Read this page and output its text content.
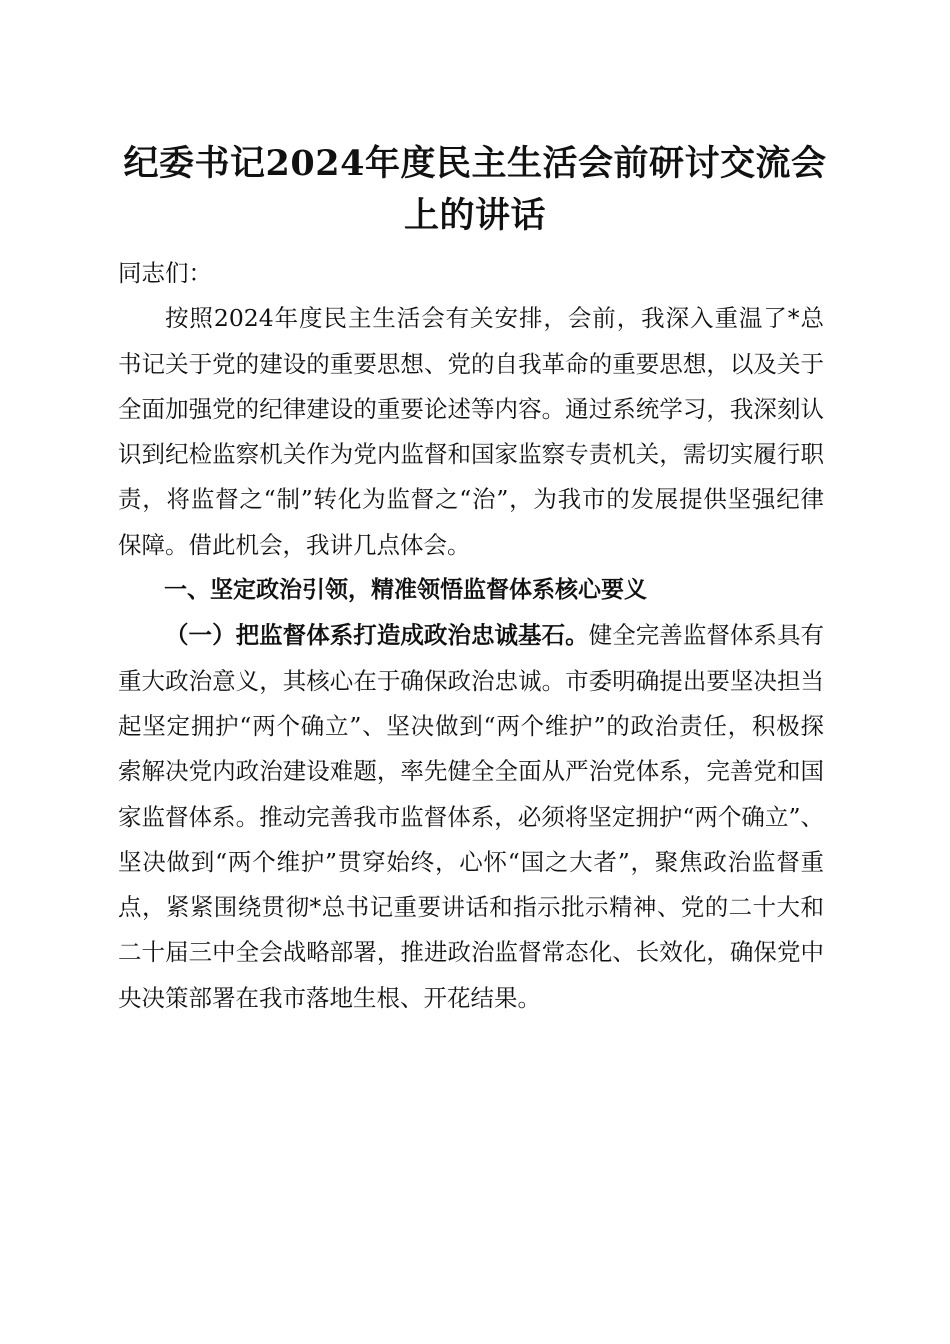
纪委书记2024年度民主生活会前研讨交流会
上的讲话

同志们：

按照2024年度民主生活会有关安排，会前，我深入重温了*总书记关于党的建设的重要思想、党的自我革命的重要思想，以及关于全面加强党的纪律建设的重要论述等内容。通过系统学习，我深刻认识到纪检监察机关作为党内监督和国家监察专责机关，需切实履行职责，将监督之“制”转化为监督之“治”，为我市的发展提供坚强纪律保障。借此机会，我讲几点体会。

一、坚定政治引领，精准领悟监督体系核心要义

（一）把监督体系打造成政治忠诚基石。健全完善监督体系具有重大政治意义，其核心在于确保政治忠诚。市委明确提出要坚决担当起坚定拥护“两个确立”、坚决做到“两个维护”的政治责任，积极探索解决党内政治建设难题，率先健全全面从严治党体系，完善党和国家监督体系。推动完善我市监督体系，必须将坚定拥护“两个确立”、坚决做到“两个维护”贯穿始终，心怀“国之大者”，聚焦政治监督重点，紧紧围绕贯彻*总书记重要讲话和指示批示精神、党的二十大和二十届三中全会战略部署，推进政治监督常态化、长效化，确保党中央决策部署在我市落地生根、开花结果。
